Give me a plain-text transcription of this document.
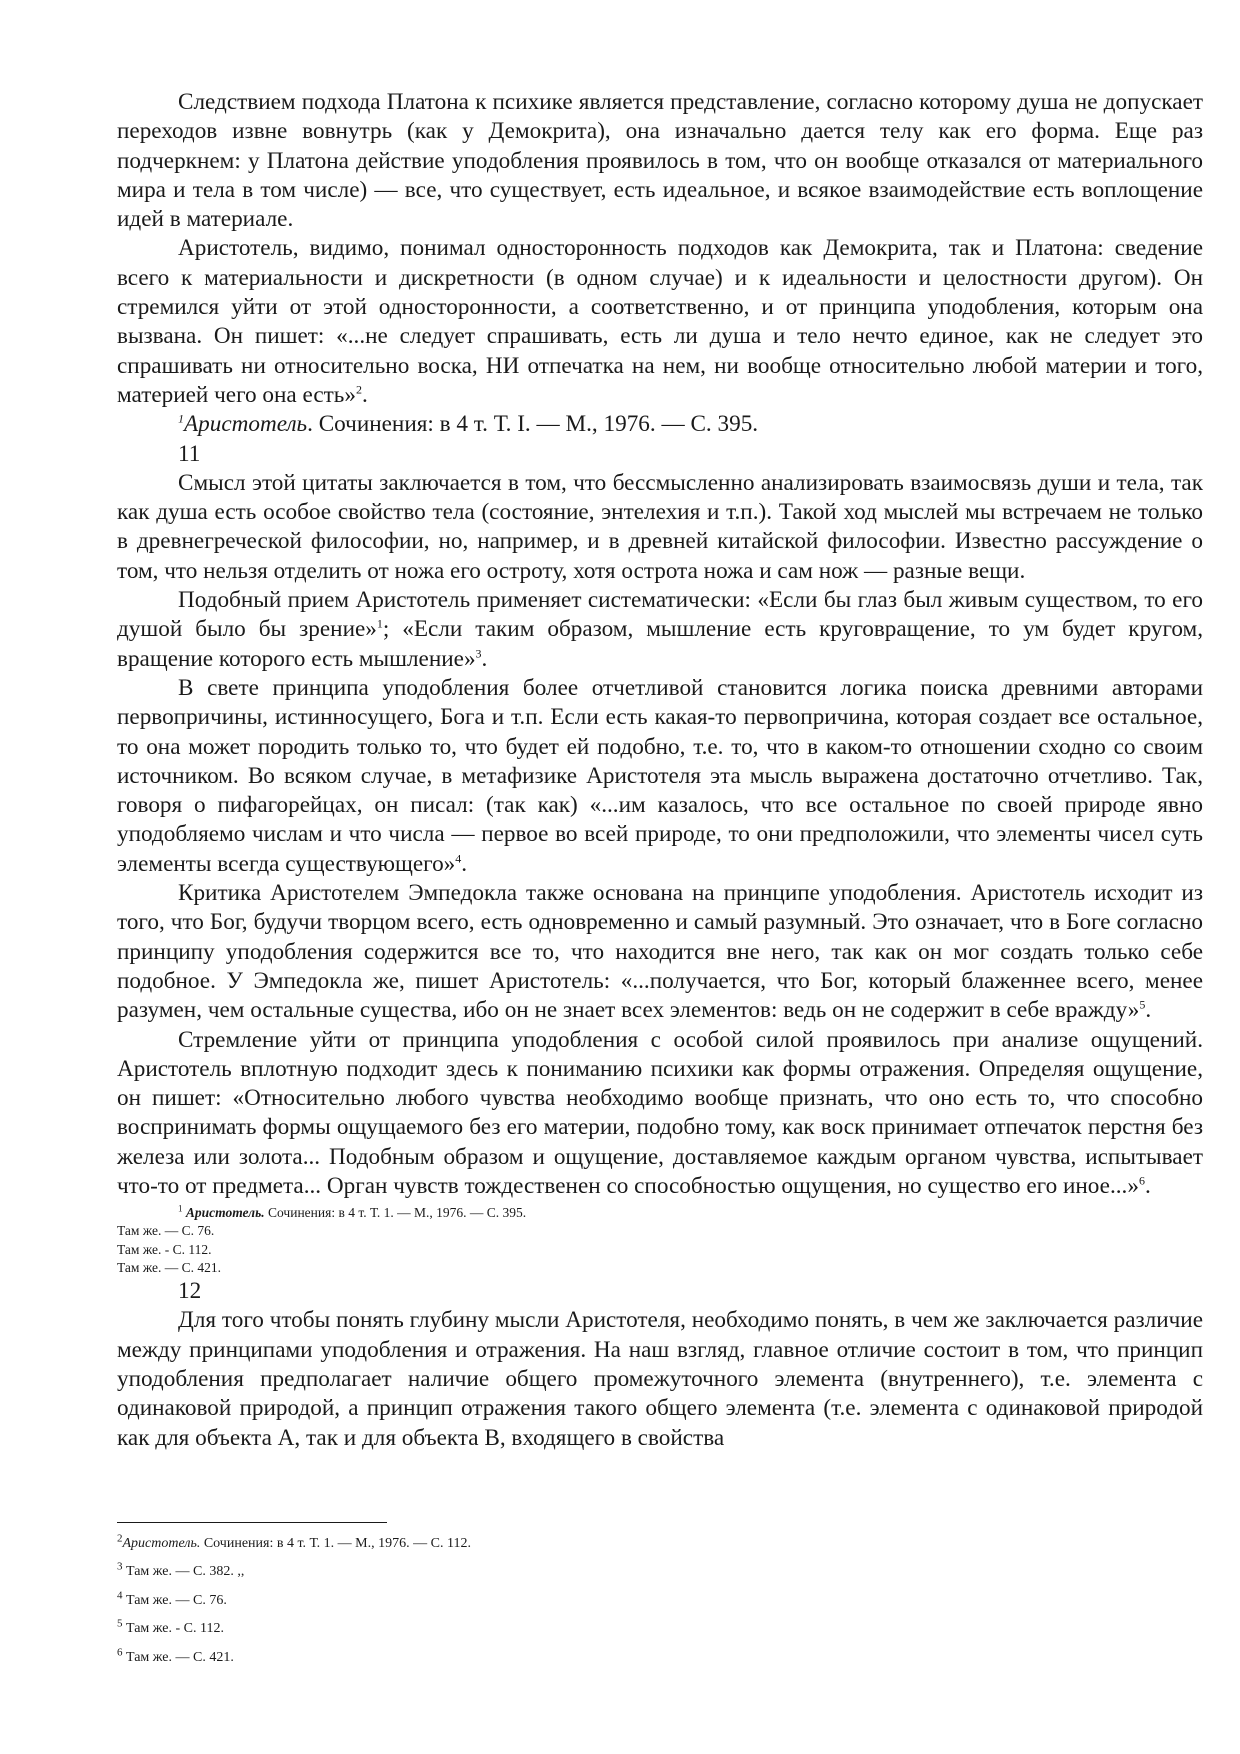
Следствием подхода Платона к психике является представление, согласно которому душа не допускает переходов извне вовнутрь (как у Демокрита), она изначально дается телу как его форма. Еще раз подчеркнем: у Платона действие уподобления проявилось в том, что он вообще отказался от материального мира и тела в том числе) — все, что существует, есть идеальное, и всякое взаимодействие есть воплощение идей в материале.

Аристотель, видимо, понимал односторонность подходов как Демокрита, так и Платона: сведение всего к материальности и дискретности (в одном случае) и к идеальности и целостности другом). Он стремился уйти от этой односторонности, а соответственно, и от принципа уподобления, которым она вызвана. Он пишет: «...не следует спрашивать, есть ли душа и тело нечто единое, как не следует это спрашивать ни относительно воска, НИ отпечатка на нем, ни вообще относительно любой материи и того, материей чего она есть»$^2$.

$^1$Аристотель. Сочинения: в 4 т. Т. I. — М., 1976. — С. 395.
11

Смысл этой цитаты заключается в том, что бессмысленно анализировать взаимосвязь души и тела, так как душа есть особое свойство тела (состояние, энтелехия и т.п.). Такой ход мыслей мы встречаем не только в древнегреческой философии, но, например, и в древней китайской философии. Известно рассуждение о том, что нельзя отделить от ножа его остроту, хотя острота ножа и сам нож — разные вещи.

Подобный прием Аристотель применяет систематически: «Если бы глаз был живым существом, то его душой было бы зрение»$^1$; «Если таким образом, мышление есть круговращение, то ум будет кругом, вращение которого есть мышление»$^3$.

В свете принципа уподобления более отчетливой становится логика поиска древними авторами первопричины, истинносущего, Бога и т.п. Если есть какая-то первопричина, которая создает все остальное, то она может породить только то, что будет ей подобно, т.е. то, что в каком-то отношении сходно со своим источником. Во всяком случае, в метафизике Аристотеля эта мысль выражена достаточно отчетливо. Так, говоря о пифагорейцах, он писал: (так как) «...им казалось, что все остальное по своей природе явно уподобляемо числам и что числа — первое во всей природе, то они предположили, что элементы чисел суть элементы всегда существующего»$^4$.

Критика Аристотелем Эмпедокла также основана на принципе уподобления. Аристотель исходит из того, что Бог, будучи творцом всего, есть одновременно и самый разумный. Это означает, что в Боге согласно принципу уподобления содержится все то, что находится вне него, так как он мог создать только себе подобное. У Эмпедокла же, пишет Аристотель: «...получается, что Бог, который блаженнее всего, менее разумен, чем остальные существа, ибо он не знает всех элементов: ведь он не содержит в себе вражду»$^5$.

Стремление уйти от принципа уподобления с особой силой проявилось при анализе ощущений. Аристотель вплотную подходит здесь к пониманию психики как формы отражения. Определяя ощущение, он пишет: «Относительно любого чувства необходимо вообще признать, что оно есть то, что способно воспринимать формы ощущаемого без его материи, подобно тому, как воск принимает отпечаток перстня без железа или золота... Подобным образом и ощущение, доставляемое каждым органом чувства, испытывает что-то от предмета... Орган чувств тождественен со способностью ощущения, но существо его иное...»$^6$.

$^1$ Аристотель. Сочинения: в 4 т. Т. 1. — М., 1976. — С. 395.
Там же. — С. 76.
Там же. - С. 112.
Там же. — С. 421.
12

Для того чтобы понять глубину мысли Аристотеля, необходимо понять, в чем же заключается различие между принципами уподобления и отражения. На наш взгляд, главное отличие состоит в том, что принцип уподобления предполагает наличие общего промежуточного элемента (внутреннего), т.е. элемента с одинаковой природой, а принцип отражения такого общего элемента (т.е. элемента с одинаковой природой как для объекта А, так и для объекта В, входящего в свойства

$^2$Аристотель. Сочинения: в 4 т. Т. 1. — М., 1976. — С. 112.
$^3$ Там же. — С. 382. ,,
$^4$ Там же. — С. 76.
$^5$ Там же. - С. 112.
$^6$ Там же. — С. 421.
